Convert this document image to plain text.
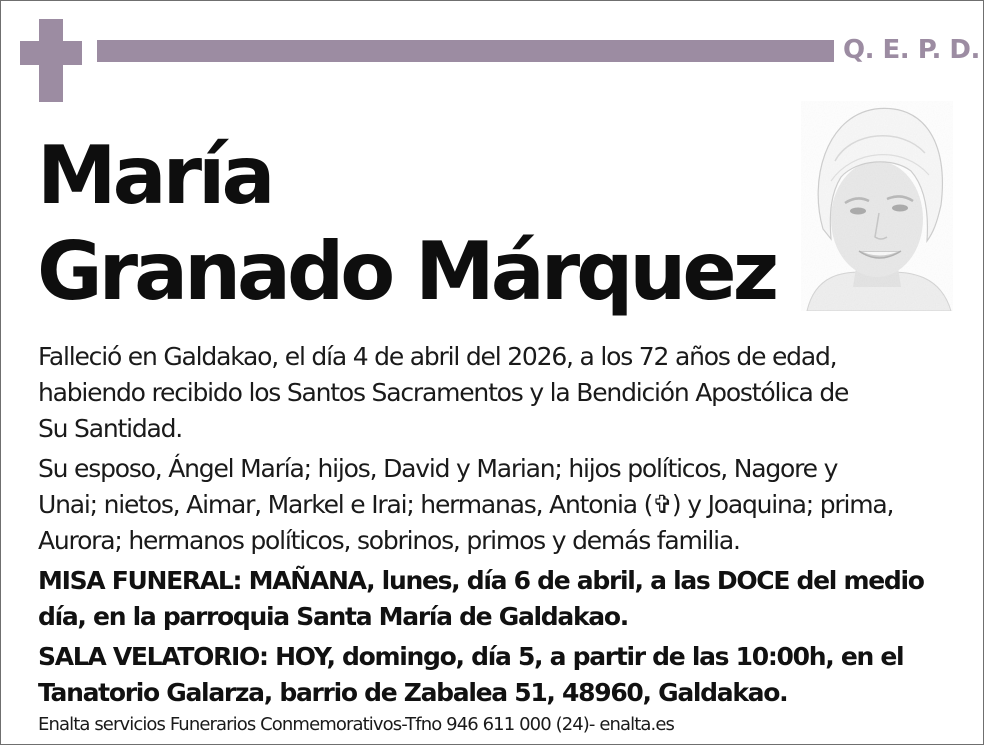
Q. E. P. D.
María
Granado Márquez

Falleció en Galdakao, el día 4 de abril del 2026, a los 72 años de edad,
habiendo recibido los Santos Sacramentos y la Bendición Apostólica de
Su Santidad.

Su esposo, Ángel María; hijos, David y Marian; hijos políticos, Nagore y
Unai; nietos, Aimar, Markel e Irai; hermanas, Antonia (✞) y Joaquina; prima,
Aurora; hermanos políticos, sobrinos, primos y demás familia.

MISA FUNERAL: MAÑANA, lunes, día 6 de abril, a las DOCE del medio
día, en la parroquia Santa María de Galdakao.

SALA VELATORIO: HOY, domingo, día 5, a partir de las 10:00h, en el
Tanatorio Galarza, barrio de Zabalea 51, 48960, Galdakao.

Enalta servicios Funerarios Conmemorativos-Tfno 946 611 000 (24)- enalta.es
